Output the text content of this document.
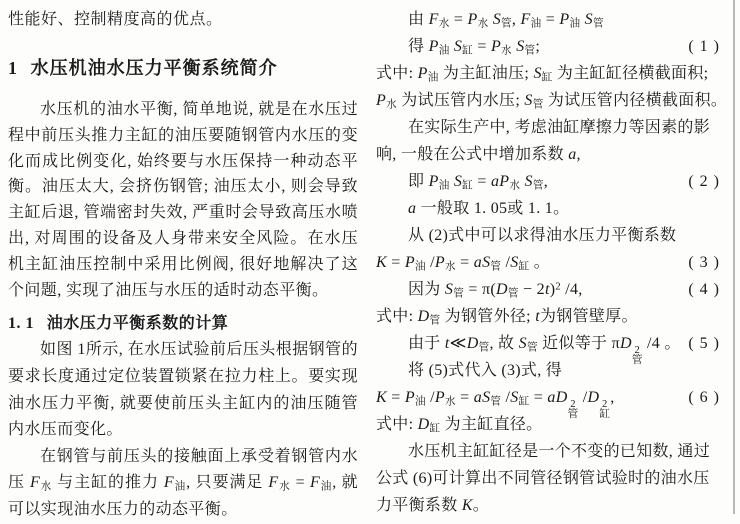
性能好、控制精度高的优点。

1 水压机油水压力平衡系统简介

水压机的油水平衡, 简单地说, 就是在水压过程中前压头推力主缸的油压要随钢管内水压的变化而成比例变化, 始终要与水压保持一种动态平衡。油压太大, 会挤伤钢管; 油压太小, 则会导致主缸后退, 管端密封失效, 严重时会导致高压水喷出, 对周围的设备及人身带来安全风险。在水压机主缸油压控制中采用比例阀, 很好地解决了这个问题, 实现了油压与水压的适时动态平衡。

1. 1 油水压力平衡系数的计算

如图 1所示, 在水压试验前后压头根据钢管的要求长度通过定位装置锁紧在拉力柱上。要实现油水压力平衡, 就要使前压头主缸内的油压随管内水压而变化。

在钢管与前压头的接触面上承受着钢管内水压 $F_水$ 与主缸的推力 $F_油$, 只要满足 $F_水 = F_油$, 就可以实现油水压力的动态平衡。

由 $F_水 = P_水$ $S_管$, $F_油 = P_油$ $S_管$
得 $P_油$ $S_缸 = P_水$ $S_管$;	( 1 )
式中: $P_油$ 为主缸油压; $S_缸$ 为主缸缸径横截面积;
$P_水$ 为试压管内水压; $S_管$ 为试压管内径横截面积。
在实际生产中, 考虑油缸摩擦力等因素的影
响, 一般在公式中增加系数 a,
即 $P_油$ $S_缸 = aP_水$ $S_管$,	( 2 )
a 一般取 1. 05或 1. 1。
从 (2)式中可以求得油水压力平衡系数
$K = P_油$ $/P_水 = aS_管$ $/S_缸$ 。	( 3 )
因为 $S_管 = \pi(D_管 - 2t)^2$ /4,	( 4 )
式中: $D_管$ 为钢管外径; t为钢管壁厚。
由于 $t≪D_管$, 故 $S_管$ 近似等于 πD 2
管
/4 。 ( 5 )
将 (5)式代入 (3)式, 得
$K = P_油$ $/P_水 = aS_管$ $/S_缸$ = aD 2
管
/D 2
缸
,	( 6 )
式中: $D_缸$ 为主缸直径。
水压机主缸缸径是一个不变的已知数, 通过
公式 (6)可计算出不同管径钢管试验时的油水压
力平衡系数 K。
